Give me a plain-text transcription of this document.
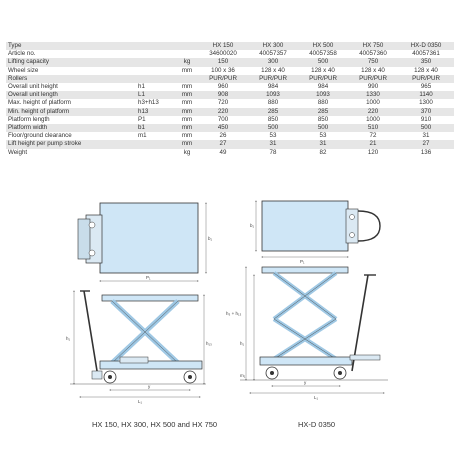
Type			HX 150	HX 300	HX 500	HX 750	HX-D 0350
Article no.			34600020	40057357	40057358	40057360	40057361
Lifting capacity		kg	150	300	500	750	350
Wheel size		mm	100 x 36	128 x 40	128 x 40	128 x 40	128 x 40
Rollers			PUR/PUR	PUR/PUR	PUR/PUR	PUR/PUR	PUR/PUR
Overall unit height	h1	mm	960	984	984	990	965
Overall unit length	L1	mm	908	1093	1093	1330	1140
Max. height of platform	h3+h13	mm	720	880	880	1000	1300
Min. height of platform	h13	mm	220	285	285	220	370
Platform length	P1	mm	700	850	850	1000	910
Platform width	b1	mm	450	500	500	510	500
Floor/ground clearance	m1	mm	26	53	53	72	31
Lift height per pump stroke		mm	27	31	31	21	27
Weight		kg	49	78	82	120	136
P₁
b₁
h₁
h₁₃
y
L₁
P₁
b₁
h₃ + h₁₃
h₁
m₁
y
L₁
HX 150, HX 300, HX 500 and HX 750	HX-D 0350
